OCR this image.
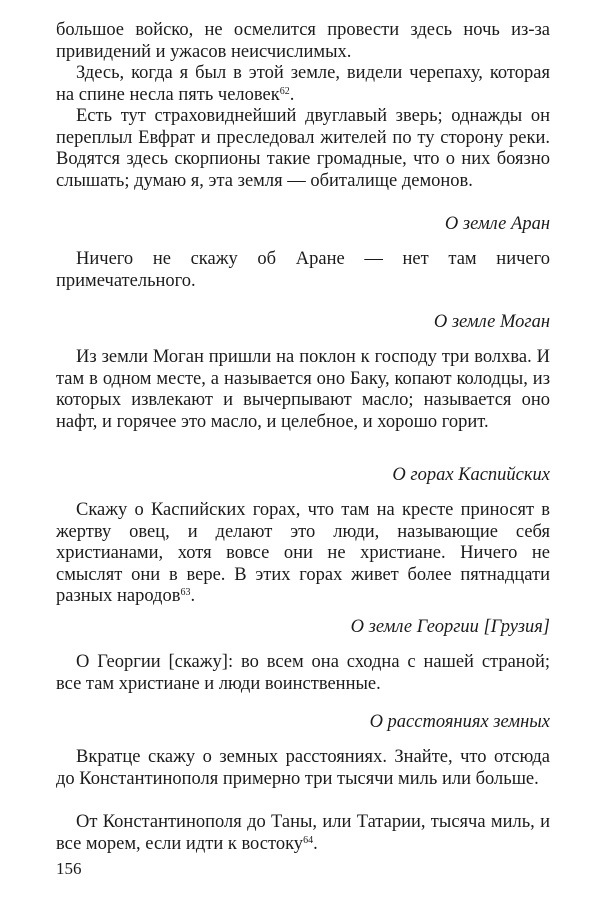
большое войско, не осмелится провести здесь ночь из-за привидений и ужасов неисчислимых.

Здесь, когда я был в этой земле, видели черепаху, которая на спине несла пять человек$^{62}$.

Есть тут страховиднейший двуглавый зверь; однажды он переплыл Евфрат и преследовал жителей по ту сторону реки. Водятся здесь скорпионы такие громадные, что о них боязно слышать; думаю я, эта земля — обиталище демонов.

О земле Аран

Ничего не скажу об Аране — нет там ничего примечательного.

О земле Моган

Из земли Моган пришли на поклон к господу три волхва. И там в одном месте, а называется оно Баку, копают колодцы, из которых извлекают и вычерпывают масло; называется оно нафт, и горячее это масло, и целебное, и хорошо горит.

О горах Каспийских

Скажу о Каспийских горах, что там на кресте приносят в жертву овец, и делают это люди, называющие себя христианами, хотя вовсе они не христиане. Ничего не смыслят они в вере. В этих горах живет более пятнадцати разных народов$^{63}$.

О земле Георгии [Грузия]

О Георгии [скажу]: во всем она сходна с нашей страной; все там христиане и люди воинственные.

О расстояниях земных

Вкратце скажу о земных расстояниях. Знайте, что отсюда до Константинополя примерно три тысячи миль или больше.

От Константинополя до Таны, или Татарии, тысяча миль, и все морем, если идти к востоку$^{64}$.

156
